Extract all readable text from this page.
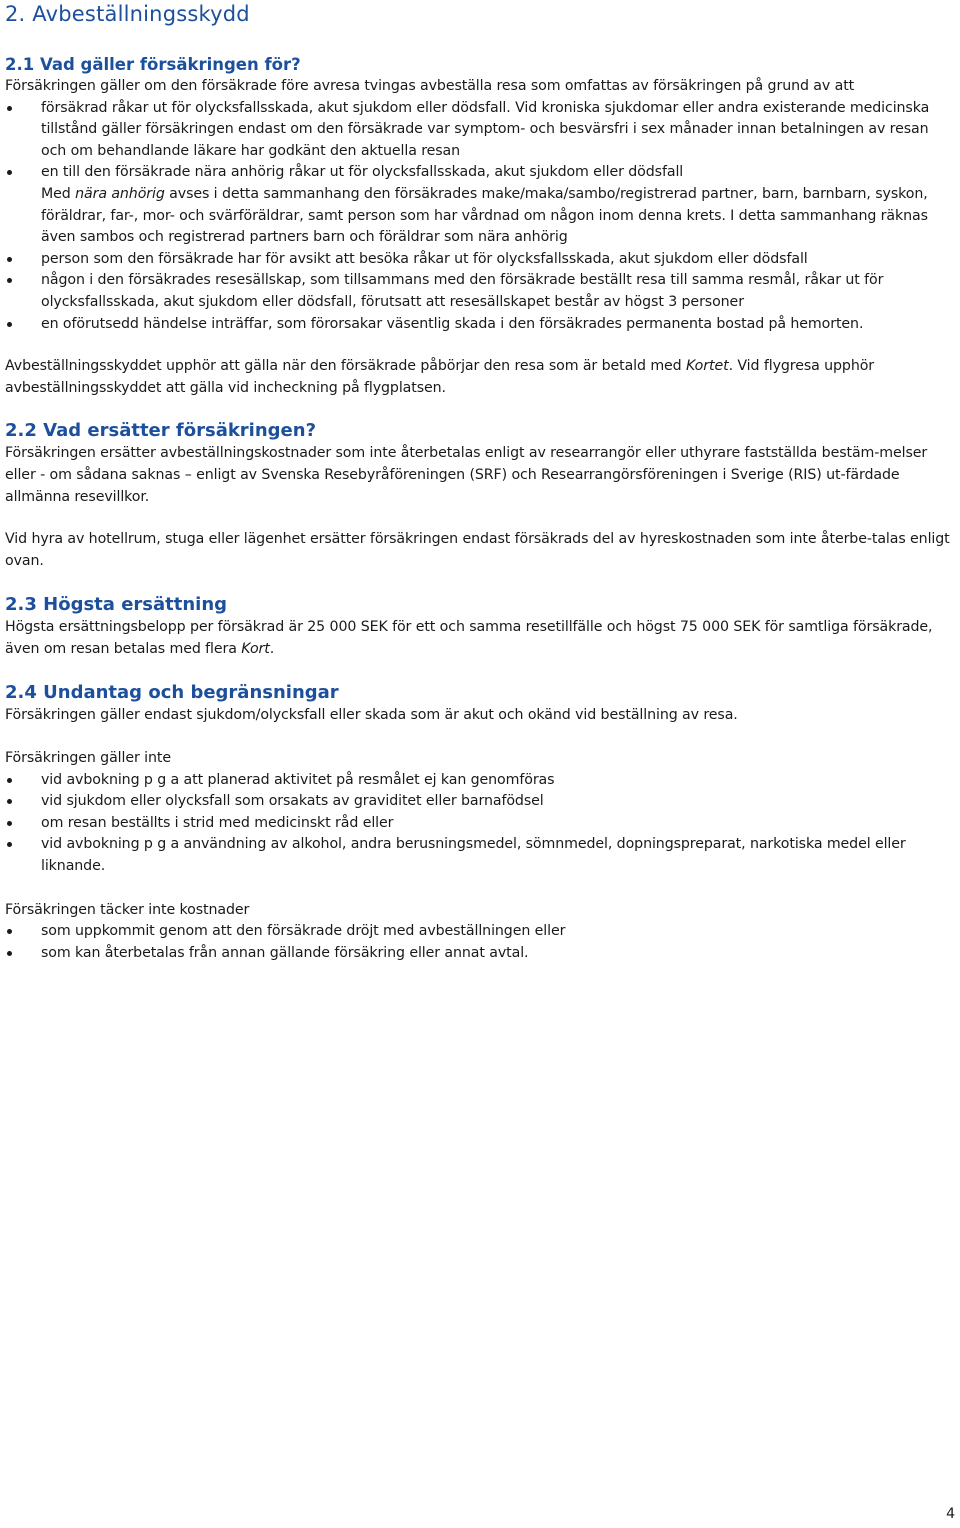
2. Avbeställningsskydd
2.1 Vad gäller försäkringen för?

Försäkringen gäller om den försäkrade före avresa tvingas avbeställa resa som omfattas av försäkringen på grund av att

försäkrad råkar ut för olycksfallsskada, akut sjukdom eller dödsfall. Vid kroniska sjukdomar eller andra existerande medicinska tillstånd gäller försäkringen endast om den försäkrade var symptom- och besvärsfri i sex månader innan betalningen av resan och om behandlande läkare har godkänt den aktuella resan
en till den försäkrade nära anhörig råkar ut för olycksfallsskada, akut sjukdom eller dödsfall

Med nära anhörig avses i detta sammanhang den försäkrades make/maka/sambo/registrerad partner, barn, barnbarn, syskon, föräldrar, far-, mor- och svärföräldrar, samt person som har vårdnad om någon inom denna krets. I detta sammanhang räknas även sambos och registrerad partners barn och föräldrar som nära anhörig

person som den försäkrade har för avsikt att besöka råkar ut för olycksfallsskada, akut sjukdom eller dödsfall
någon i den försäkrades resesällskap, som tillsammans med den försäkrade beställt resa till samma resmål, råkar ut för olycksfallsskada, akut sjukdom eller dödsfall, förutsatt att resesällskapet består av högst 3 personer
en oförutsedd händelse inträffar, som förorsakar väsentlig skada i den försäkrades permanenta bostad på hemorten.

Avbeställningsskyddet upphör att gälla när den försäkrade påbörjar den resa som är betald med Kortet. Vid flygresa upphör avbeställningsskyddet att gälla vid incheckning på flygplatsen.

2.2 Vad ersätter försäkringen?

Försäkringen ersätter avbeställningskostnader som inte återbetalas enligt av researrangör eller uthyrare fastställda bestäm-melser eller - om sådana saknas – enligt av Svenska Resebyråföreningen (SRF) och Researrangörsföreningen i Sverige (RIS) ut-färdade allmänna resevillkor.

Vid hyra av hotellrum, stuga eller lägenhet ersätter försäkringen endast försäkrads del av hyreskostnaden som inte återbe-talas enligt ovan.

2.3 Högsta ersättning

Högsta ersättningsbelopp per försäkrad är 25 000 SEK för ett och samma resetillfälle och högst 75 000 SEK för samtliga försäkrade, även om resan betalas med flera Kort.

2.4 Undantag och begränsningar

Försäkringen gäller endast sjukdom/olycksfall eller skada som är akut och okänd vid beställning av resa.

Försäkringen gäller inte

vid avbokning p g a att planerad aktivitet på resmålet ej kan genomföras
vid sjukdom eller olycksfall som orsakats av graviditet eller barnafödsel
om resan beställts i strid med medicinskt råd eller
vid avbokning p g a användning av alkohol, andra berusningsmedel, sömnmedel, dopningspreparat, narkotiska medel eller liknande.

Försäkringen täcker inte kostnader

som uppkommit genom att den försäkrade dröjt med avbeställningen eller
som kan återbetalas från annan gällande försäkring eller annat avtal.
4
